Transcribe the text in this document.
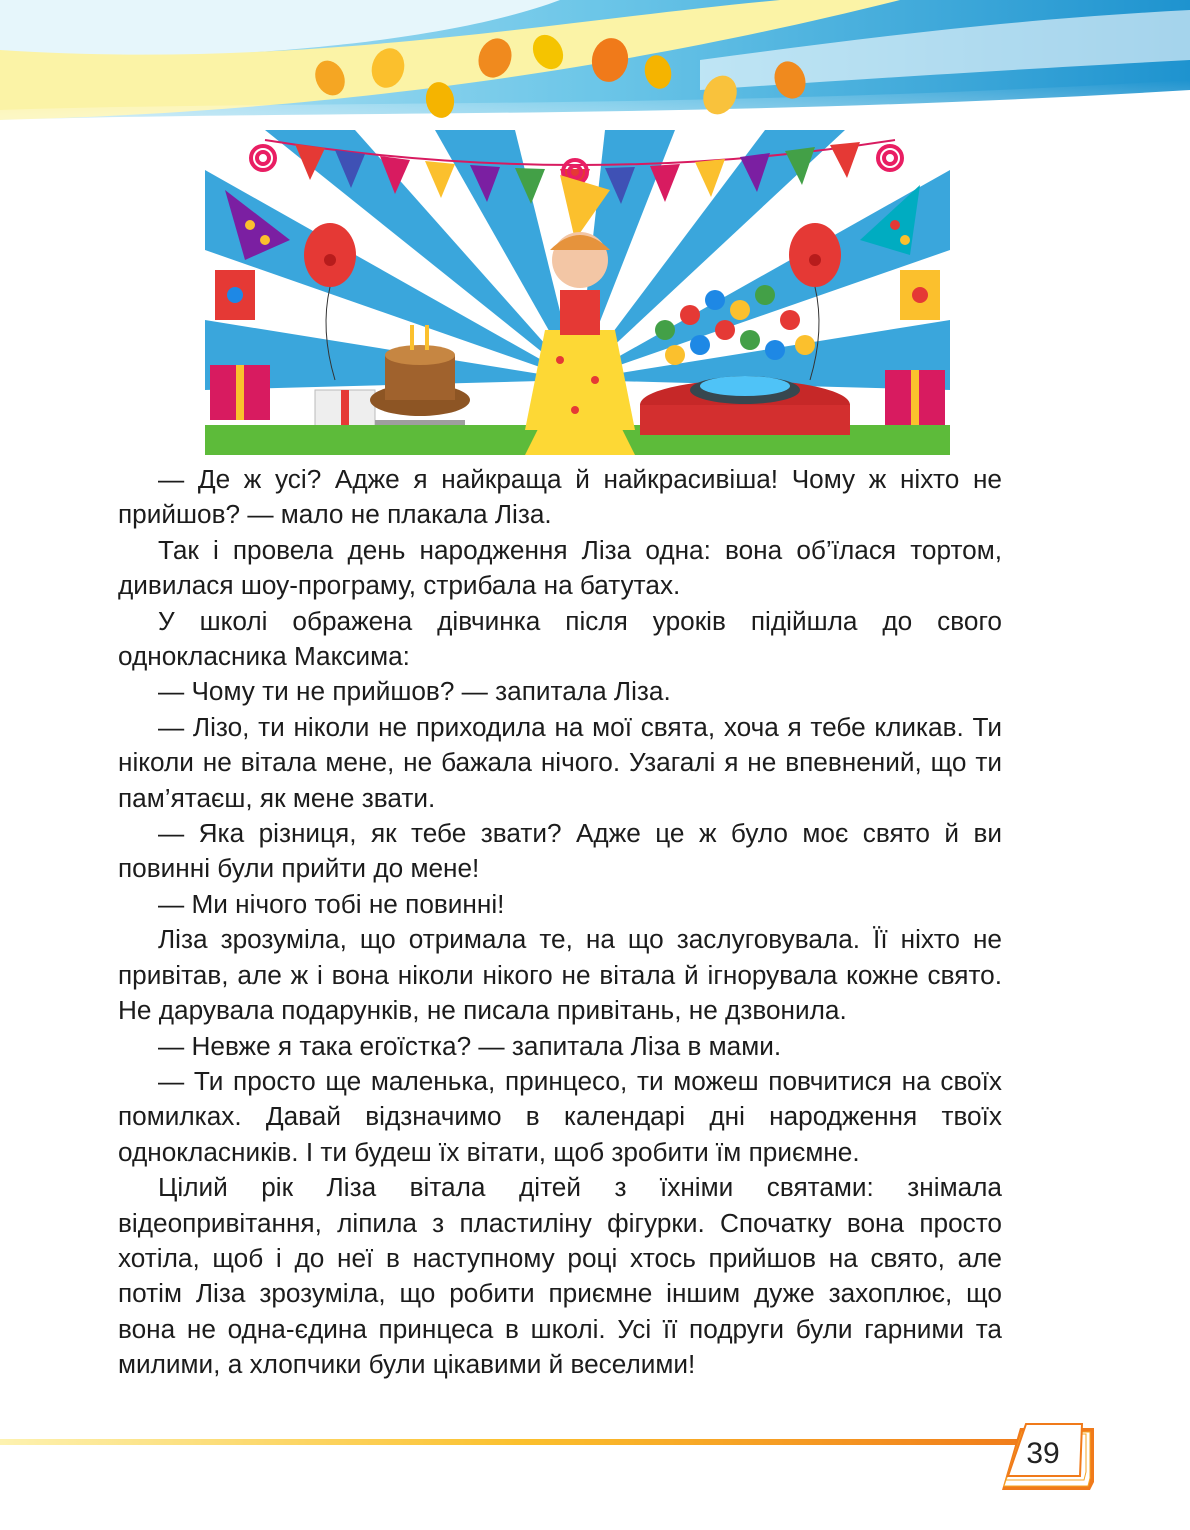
— Де ж усі? Адже я найкраща й найкрасивіша! Чому ж ніхто не прийшов? — мало не плакала Ліза.

Так і провела день народження Ліза одна: вона об’їлася тортом, дивилася шоу-програму, стрибала на батутах.

У школі ображена дівчинка після уроків підійшла до свого однокласника Максима:

— Чому ти не прийшов? — запитала Ліза.

— Лізо, ти ніколи не приходила на мої свята, хоча я тебе кликав. Ти ніколи не вітала мене, не бажала нічого. Узагалі я не впевнений, що ти пам’ятаєш, як мене звати.

— Яка різниця, як тебе звати? Адже це ж було моє свято й ви повинні були прийти до мене!

— Ми нічого тобі не повинні!

Ліза зрозуміла, що отримала те, на що заслуговувала. Її ніхто не привітав, але ж і вона ніколи нікого не вітала й ігнорувала кожне свято. Не дарувала подарунків, не писала привітань, не дзвонила.

— Невже я така егоїстка? — запитала Ліза в мами.

— Ти просто ще маленька, принцесо, ти можеш повчитися на своїх помилках. Давай відзначимо в календарі дні народження твоїх однокласників. І ти будеш їх вітати, щоб зробити їм приємне.

Цілий рік Ліза вітала дітей з їхніми святами: знімала відеопривітання, ліпила з пластиліну фігурки. Спочатку вона просто хотіла, щоб і до неї в наступному році хтось прийшов на свято, але потім Ліза зрозуміла, що робити приємне іншим дуже захоплює, що вона не одна-єдина принцеса в школі. Усі її подруги були гарними та милими, а хлопчики були цікавими й веселими!

39
